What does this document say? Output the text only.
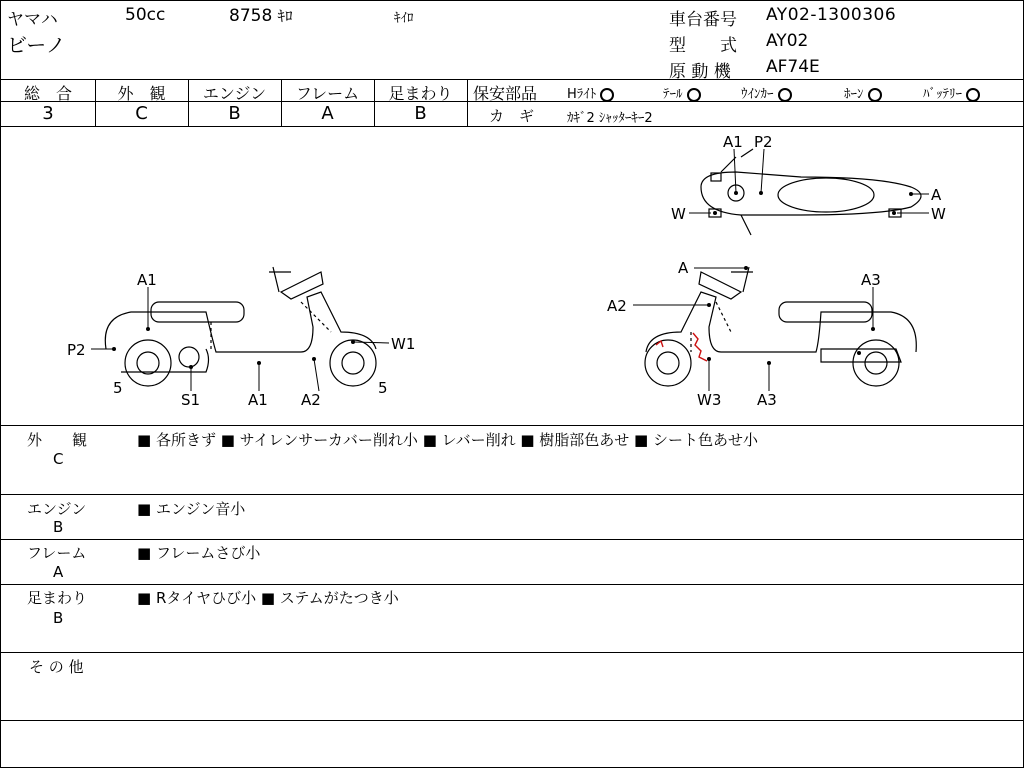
ヤマハ	50cc	8758 ｷﾛ	ｷｲﾛ
ビーノ
車台番号 AY02-1300306
型　　式 AY02
原 動 機 AF74E
総　合	外　観	エンジン	フレーム	足まわり
3	C	B	A	B
保安部品 Hﾗｲﾄ	ﾃｰﾙ	ｳｲﾝｶｰ	ﾎｰﾝ	ﾊﾞｯﾃﾘｰ
カ　ギ	ｶｷﾞ2 ｼｬｯﾀｰｷｰ2
A1
P2	W1
5
S1	A1 A2
5
A1 P2
A
W	W
A
A3
A2
W3 A3
外　　観
C
■ 各所きず ■ サイレンサーカバー削れ小 ■ レバー削れ ■ 樹脂部色あせ ■ シート色あせ小
エンジン
B
■ エンジン音小
フレーム
A
■ フレームさび小
足まわり
B
■ Rタイヤひび小 ■ ステムがたつき小
そ の 他
